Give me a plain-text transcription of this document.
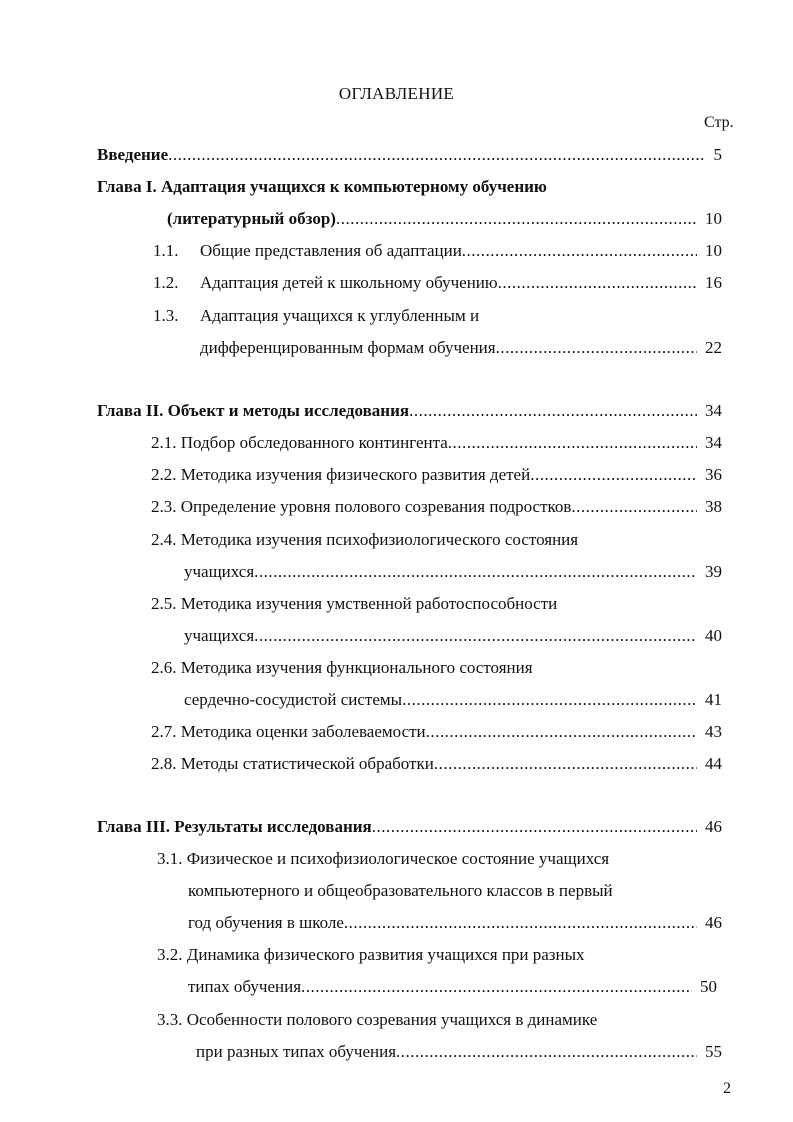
ОГЛАВЛЕНИЕ
Стр.
Введение .....	5
Глава I. Адаптация учащихся к компьютерному обучению
(литературный обзор) .....	10
1.1. Общие представления об адаптации .....	10
1.2. Адаптация детей к школьному обучению .....	16
1.3. Адаптация учащихся к углубленным и
дифференцированным формам обучения .....	22
Глава II. Объект и методы исследования .....	34
2.1. Подбор обследованного контингента .....	34
2.2. Методика изучения физического развития детей .....	36
2.3. Определение уровня полового созревания подростков .....	38
2.4. Методика изучения психофизиологического состояния
учащихся .....	39
2.5. Методика изучения умственной работоспособности
учащихся .....	40
2.6. Методика изучения функционального состояния
сердечно-сосудистой системы .....	41
2.7. Методика оценки заболеваемости .....	43
2.8. Методы статистической обработки .....	44
Глава III. Результаты исследования .....	46
3.1. Физическое и психофизиологическое состояние учащихся
компьютерного и общеобразовательного классов в первый
год обучения в школе .....	46
3.2. Динамика физического развития учащихся при разных
типах обучения .....	50
3.3. Особенности полового созревания учащихся в динамике
при разных типах обучения .....	55
2
